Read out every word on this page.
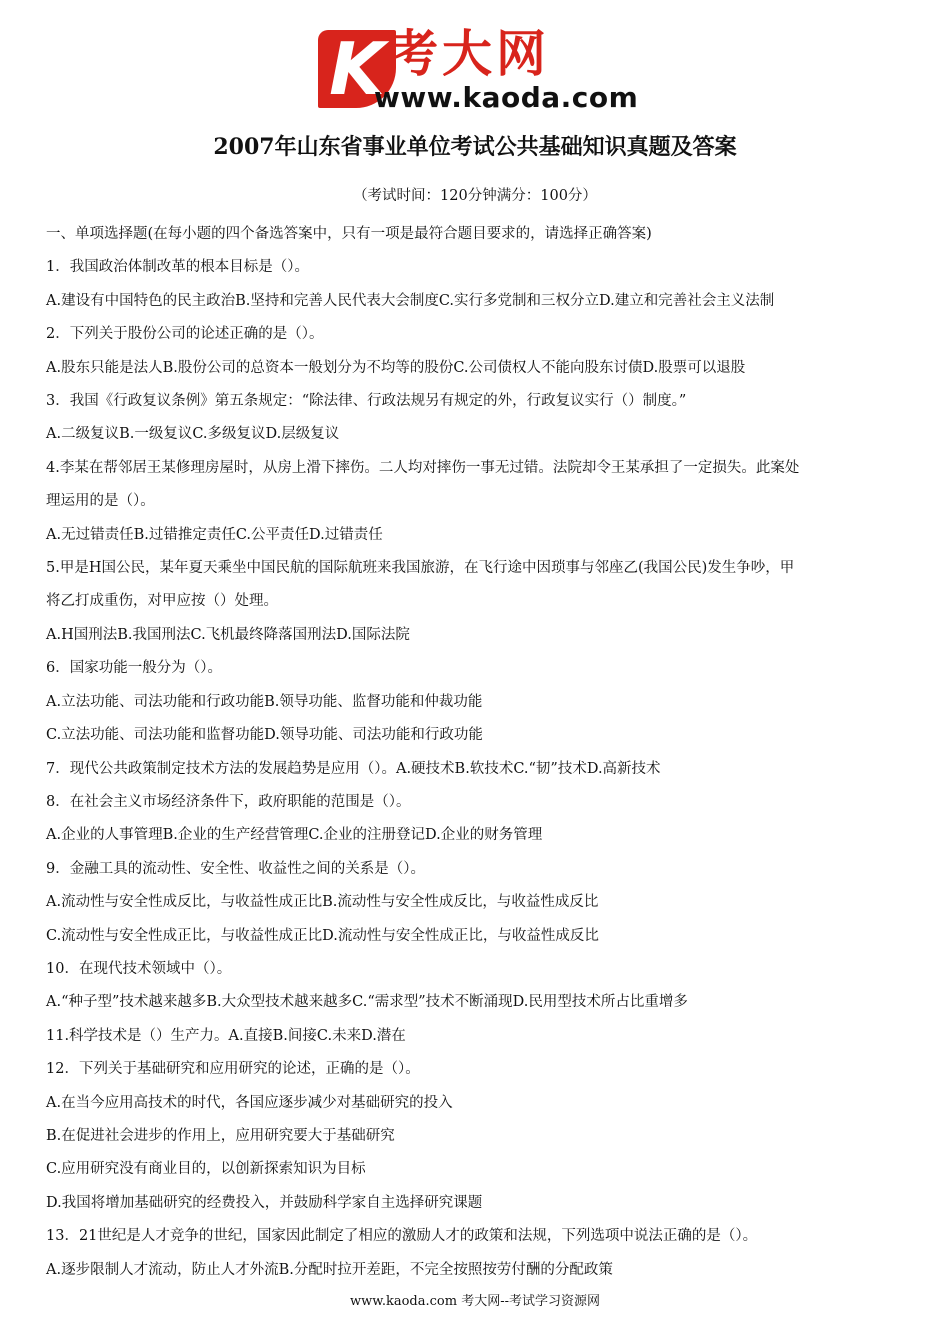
K 考大网
www.kaoda.com
2007年山东省事业单位考试公共基础知识真题及答案
（考试时间：120分钟满分：100分）

一、单项选择题(在每小题的四个备选答案中，只有一项是最符合题目要求的，请选择正确答案)

1．我国政治体制改革的根本目标是（）。

A.建设有中国特色的民主政治B.坚持和完善人民代表大会制度C.实行多党制和三权分立D.建立和完善社会主义法制

2．下列关于股份公司的论述正确的是（）。

A.股东只能是法人B.股份公司的总资本一般划分为不均等的股份C.公司债权人不能向股东讨债D.股票可以退股

3．我国《行政复议条例》第五条规定：“除法律、行政法规另有规定的外，行政复议实行（）制度。”

A.二级复议B.一级复议C.多级复议D.层级复议

4.李某在帮邻居王某修理房屋时，从房上滑下摔伤。二人均对摔伤一事无过错。法院却令王某承担了一定损失。此案处

理运用的是（）。

A.无过错责任B.过错推定责任C.公平责任D.过错责任

5.甲是H国公民，某年夏天乘坐中国民航的国际航班来我国旅游，在飞行途中因琐事与邻座乙(我国公民)发生争吵，甲

将乙打成重伤，对甲应按（）处理。

A.H国刑法B.我国刑法C.飞机最终降落国刑法D.国际法院

6．国家功能一般分为（）。

A.立法功能、司法功能和行政功能B.领导功能、监督功能和仲裁功能

C.立法功能、司法功能和监督功能D.领导功能、司法功能和行政功能

7．现代公共政策制定技术方法的发展趋势是应用（）。A.硬技术B.软技术C.“韧”技术D.高新技术

8．在社会主义市场经济条件下，政府职能的范围是（）。

A.企业的人事管理B.企业的生产经营管理C.企业的注册登记D.企业的财务管理

9．金融工具的流动性、安全性、收益性之间的关系是（）。

A.流动性与安全性成反比，与收益性成正比B.流动性与安全性成反比，与收益性成反比

C.流动性与安全性成正比，与收益性成正比D.流动性与安全性成正比，与收益性成反比

10．在现代技术领域中（）。

A.“种子型”技术越来越多B.大众型技术越来越多C.“需求型”技术不断涌现D.民用型技术所占比重增多

11.科学技术是（）生产力。A.直接B.间接C.未来D.潜在

12．下列关于基础研究和应用研究的论述，正确的是（）。

A.在当今应用高技术的时代，各国应逐步减少对基础研究的投入

B.在促进社会进步的作用上，应用研究要大于基础研究

C.应用研究没有商业目的，以创新探索知识为目标

D.我国将增加基础研究的经费投入，并鼓励科学家自主选择研究课题

13．21世纪是人才竞争的世纪，国家因此制定了相应的激励人才的政策和法规，下列选项中说法正确的是（）。

A.逐步限制人才流动，防止人才外流B.分配时拉开差距，不完全按照按劳付酬的分配政策

www.kaoda.com 考大网--考试学习资源网
